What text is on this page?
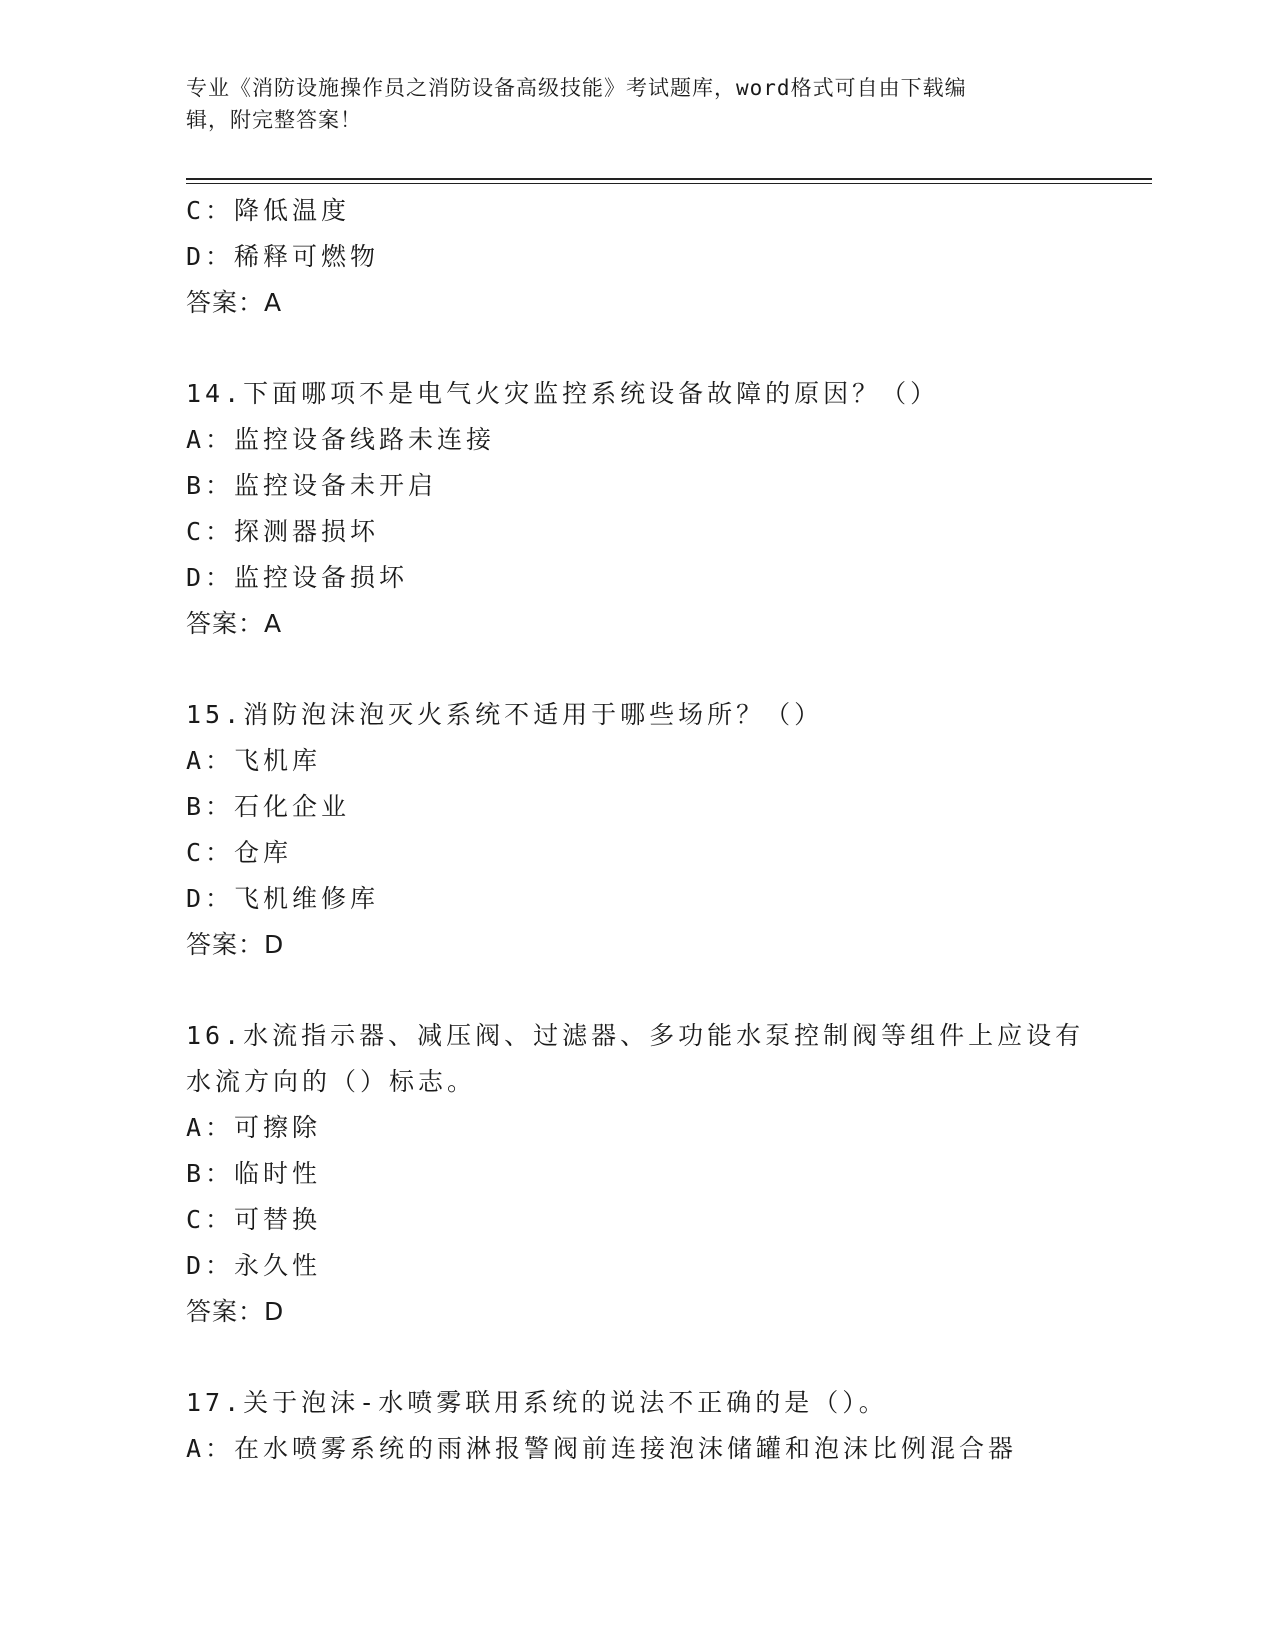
专业《消防设施操作员之消防设备高级技能》考试题库，word格式可自由下载编
辑，附完整答案！
C：降低温度
D：稀释可燃物
答案：A
14.下面哪项不是电气火灾监控系统设备故障的原因？（）
A：监控设备线路未连接
B：监控设备未开启
C：探测器损坏
D：监控设备损坏
答案：A
15.消防泡沫泡灭火系统不适用于哪些场所？（）
A：飞机库
B：石化企业
C：仓库
D：飞机维修库
答案：D
16.水流指示器、减压阀、过滤器、多功能水泵控制阀等组件上应设有
水流方向的（）标志。
A：可擦除
B：临时性
C：可替换
D：永久性
答案：D
17.关于泡沫-水喷雾联用系统的说法不正确的是（）。
A：在水喷雾系统的雨淋报警阀前连接泡沫储罐和泡沫比例混合器
